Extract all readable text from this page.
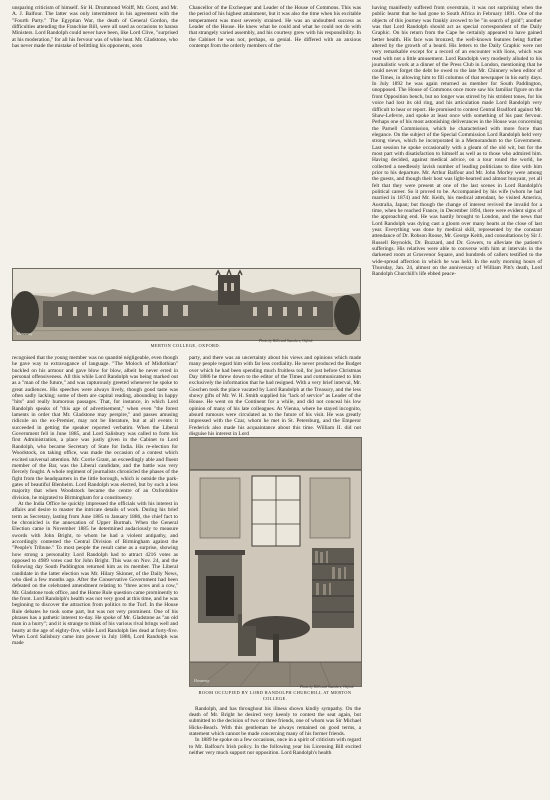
unsparing criticism of himself. Sir H. Drummond Wolff, Mr. Gorst, and Mr. A. J. Balfour. The latter was only intermittent in his agreement with the "Fourth Party." The Egyptian War, the death of General Gordon, the difficulties attending the Franchise Bill, were all used as occasions to harass Ministers. Lord Randolph could never have been, like Lord Clive, "surprised at his moderation," for all his fervour was of white heat. Mr. Gladstone, who has never made the mistake of belittling his opponents, soon

Chancellor of the Exchequer and Leader of the House of Commons. This was the period of his highest attainment, but it was also the time when his excitable temperament was most severely strained. He was an undoubted success as Leader of the House. He knew what he could and what he could not do with that strangely varied assembly, and his courtesy grew with his responsibility. In the Cabinet he was not, perhaps, so genial. He differed with an anxious contempt from the orderly members of the

having manifestly suffered from overstrain, it was not surprising when the public learnt that he had gone to South Africa in February 1891. One of the objects of this journey was frankly avowed to be "in search of gold"; another was that Lord Randolph should act as special correspondent of the Daily Graphic. On his return from the Cape he certainly appeared to have gained better health. His face was bronzed, the well-known features being further altered by the growth of a beard. His letters to the Daily Graphic were not very remarkable except for a record of an encounter with lions, which was read with not a little amusement. Lord Randolph very modestly alluded to his journalistic work at a dinner of the Press Club in London, mentioning that he could never forget the debt he owed to the late Mr. Chinnery when editor of the Times, in allowing him to fill columns of that newspaper in his early days. In July 1892 he was again returned as member for South Paddington, unopposed. The House of Commons once more saw his familiar figure on the front Opposition bench, but no longer was stirred by his strident tones, for his voice had lost its old ring, and his articulation made Lord Randolph very difficult to hear or report. He promised to contest Central Bradford against Mr. Shaw-Lefevre, and spoke at least once with something of his past fervour. Perhaps one of his most astonishing deliverances in the House was concerning the Parnell Commission, which he characterised with more force than elegance. On the subject of the Special Commission Lord Randolph held very strong views, which he incorporated in a Memorandum to the Government. Last session he spoke occasionally with a gleam of the old wit, but for the most part with disatisfaction to himself as well as to those who admired him. Having decided, against medical advice, on a tour round the world, he collected a needlessly lavish number of leading politicians to dine with him prior to his departure. Mr. Arthur Balfour and Mr. John Morley were among the guests, and though their host was light-hearted and almost buoyant, yet all felt that they were present at one of the last scenes in Lord Randolph's political career. So it proved to be. Accompanied by his wife (whom he had married in 1874) and Mr. Keith, his medical attendant, he visited America, Australia, Japan; but though the change of interest revived the invalid for a time, when he reached France, in December 1894, there were evident signs of the approaching end. He was hastily brought to London, and the news that Lord Randolph was dying cast a gloom over many hearts at the close of last year. Everything was done by medical skill, represented by the constant attendance of Dr. Robson Roose, Mr. George Keith, and consultations by Sir J. Russell Reynolds, Dr. Buzzard, and Dr. Gowers, to alleviate the patient's sufferings. His relatives were able to converse with him at intervals in the darkened room at Grosvenor Square, and hundreds of callers testified to the wide-spread affection in which he was held. In the early morning hours of Thursday, Jan. 24, almost on the anniversary of William Pitt's death, Lord Randolph Churchill's life ebbed peace-

Hennessy
Photo by Hills and Saunders, Oxford.
MERTON COLLEGE, OXFORD.

recognised that the young member was no quantité négligeable, even though he gave way to extravagance of language. "The Moloch of Midlothian" buckled on his armour and gave blow for blow, albeit he never erred in personal offensiveness. All this while Lord Randolph was being marked out as a "man of the future," and was rapturously greeted whenever he spoke to great audiences. His speeches were always lively, though good taste was often sadly lacking; some of them are capital reading, abounding in happy "hits" and really humorous passages. That, for instance, in which Lord Randolph speaks of "this age of advertisement," when even "the forest laments in order that Mr. Gladstone may perspire," and passes amusing ridicule on the ex-Premier, may not be literature, but at all events it succeeded in getting the speaker reported verbatim. When the Liberal Government fell in June 1885, and Lord Salisbury was called to form his first Administration, a place was justly given in the Cabinet to Lord Randolph, who became Secretary of State for India. His re-election for Woodstock, on taking office, was made the occasion of a contest which excited universal attention. Mr. Corrie Grant, an exceedingly able and fluent member of the Bar, was the Liberal candidate, and the battle was very fiercely fought. A whole regiment of journalists chronicled the phases of the fight from the headquarters in the little borough, which is outside the park-gates of beautiful Blenheim. Lord Randolph was elected, but by such a less majority that when Woodstock became the centre of an Oxfordshire division, he migrated to Birmingham for a constituency.

At the India Office he quickly impressed the officials with his interest in affairs and desire to master the intricate details of work. During his brief term as Secretary, lasting from June 1885 to January 1886, the chief fact to be chronicled is the annexation of Upper Burmah. When the General Election came in November 1885 he determined audaciously to measure swords with John Bright, to whom he had a violent antipathy, and accordingly contested the Central Division of Birmingham against the "People's Tribune." To most people the result came as a surprise, showing how strong a personality Lord Randolph had to attract 4216 votes as opposed to 4989 votes cast for John Bright. This was on Nov. 24, and the following day South Paddington returned him as its member. The Liberal candidate in the latter election was Mr. Hilary Skinner, of the Daily News, who died a few months ago. After the Conservative Government had been defeated on the celebrated amendment relating to "three acres and a cow," Mr. Gladstone took office, and the Home Rule question came prominently to the front. Lord Randolph's health was not very good at this time, and he was beginning to discover the attraction from politics to the Turf. In the House Rule debates he took some part, but was not very prominent. One of his phrases has a pathetic interest to-day. He spoke of Mr. Gladstone as "an old man in a hurry"; and it is strange to think of his various rival brings well and hearty at the age of eighty-five, while Lord Randolph lies dead at forty-five. When Lord Salisbury came into power in July 1886, Lord Randolph was made

party, and there was an uncertainty about his views and opinions which made many people regard him with far less cordiality. He never produced the Budget over which he had been spending much fruitless toil, for just before Christmas Day 1886 he threw down to the editor of the Times and communicated to him exclusively the information that he had resigned. With a very brief interval, Mr. Goschen took the place vacated by Lord Randolph at the Treasury, and the less showy gifts of Mr. W. H. Smith supplied his "lack of service" as Leader of the House. He went on the Continent for a while, and did not conceal his low opinion of many of his late colleagues. At Vienna, where he stayed incognito, absurd rumours were circulated as to the future of his visit. He was greatly impressed with the Czar, whom he met in St. Petersburg, and the Emperor Frederick also made his acquaintance about this time. William II. did not disguise his interest in Lord

Hennessy
Photo by Hills and Saunders, Oxford.
ROOM OCCUPIED BY LORD RANDOLPH CHURCHILL AT MERTON COLLEGE.

Randolph, and has throughout his illness shown kindly sympathy. On the death of Mr. Bright he desired very keenly to contest the seat again, but submitted to the decision of two or three friends, one of whom was Sir Michael Hicks-Beach. With this gentleman he always remained on good terms, a statement which cannot be made concerning many of his former friends.

In 1889 he spoke on a few occasions, once in a spirit of criticism with regard to Mr. Balfour's Irish policy. In the following year his Licensing Bill excited neither very much support nor opposition. Lord Randolph's health
